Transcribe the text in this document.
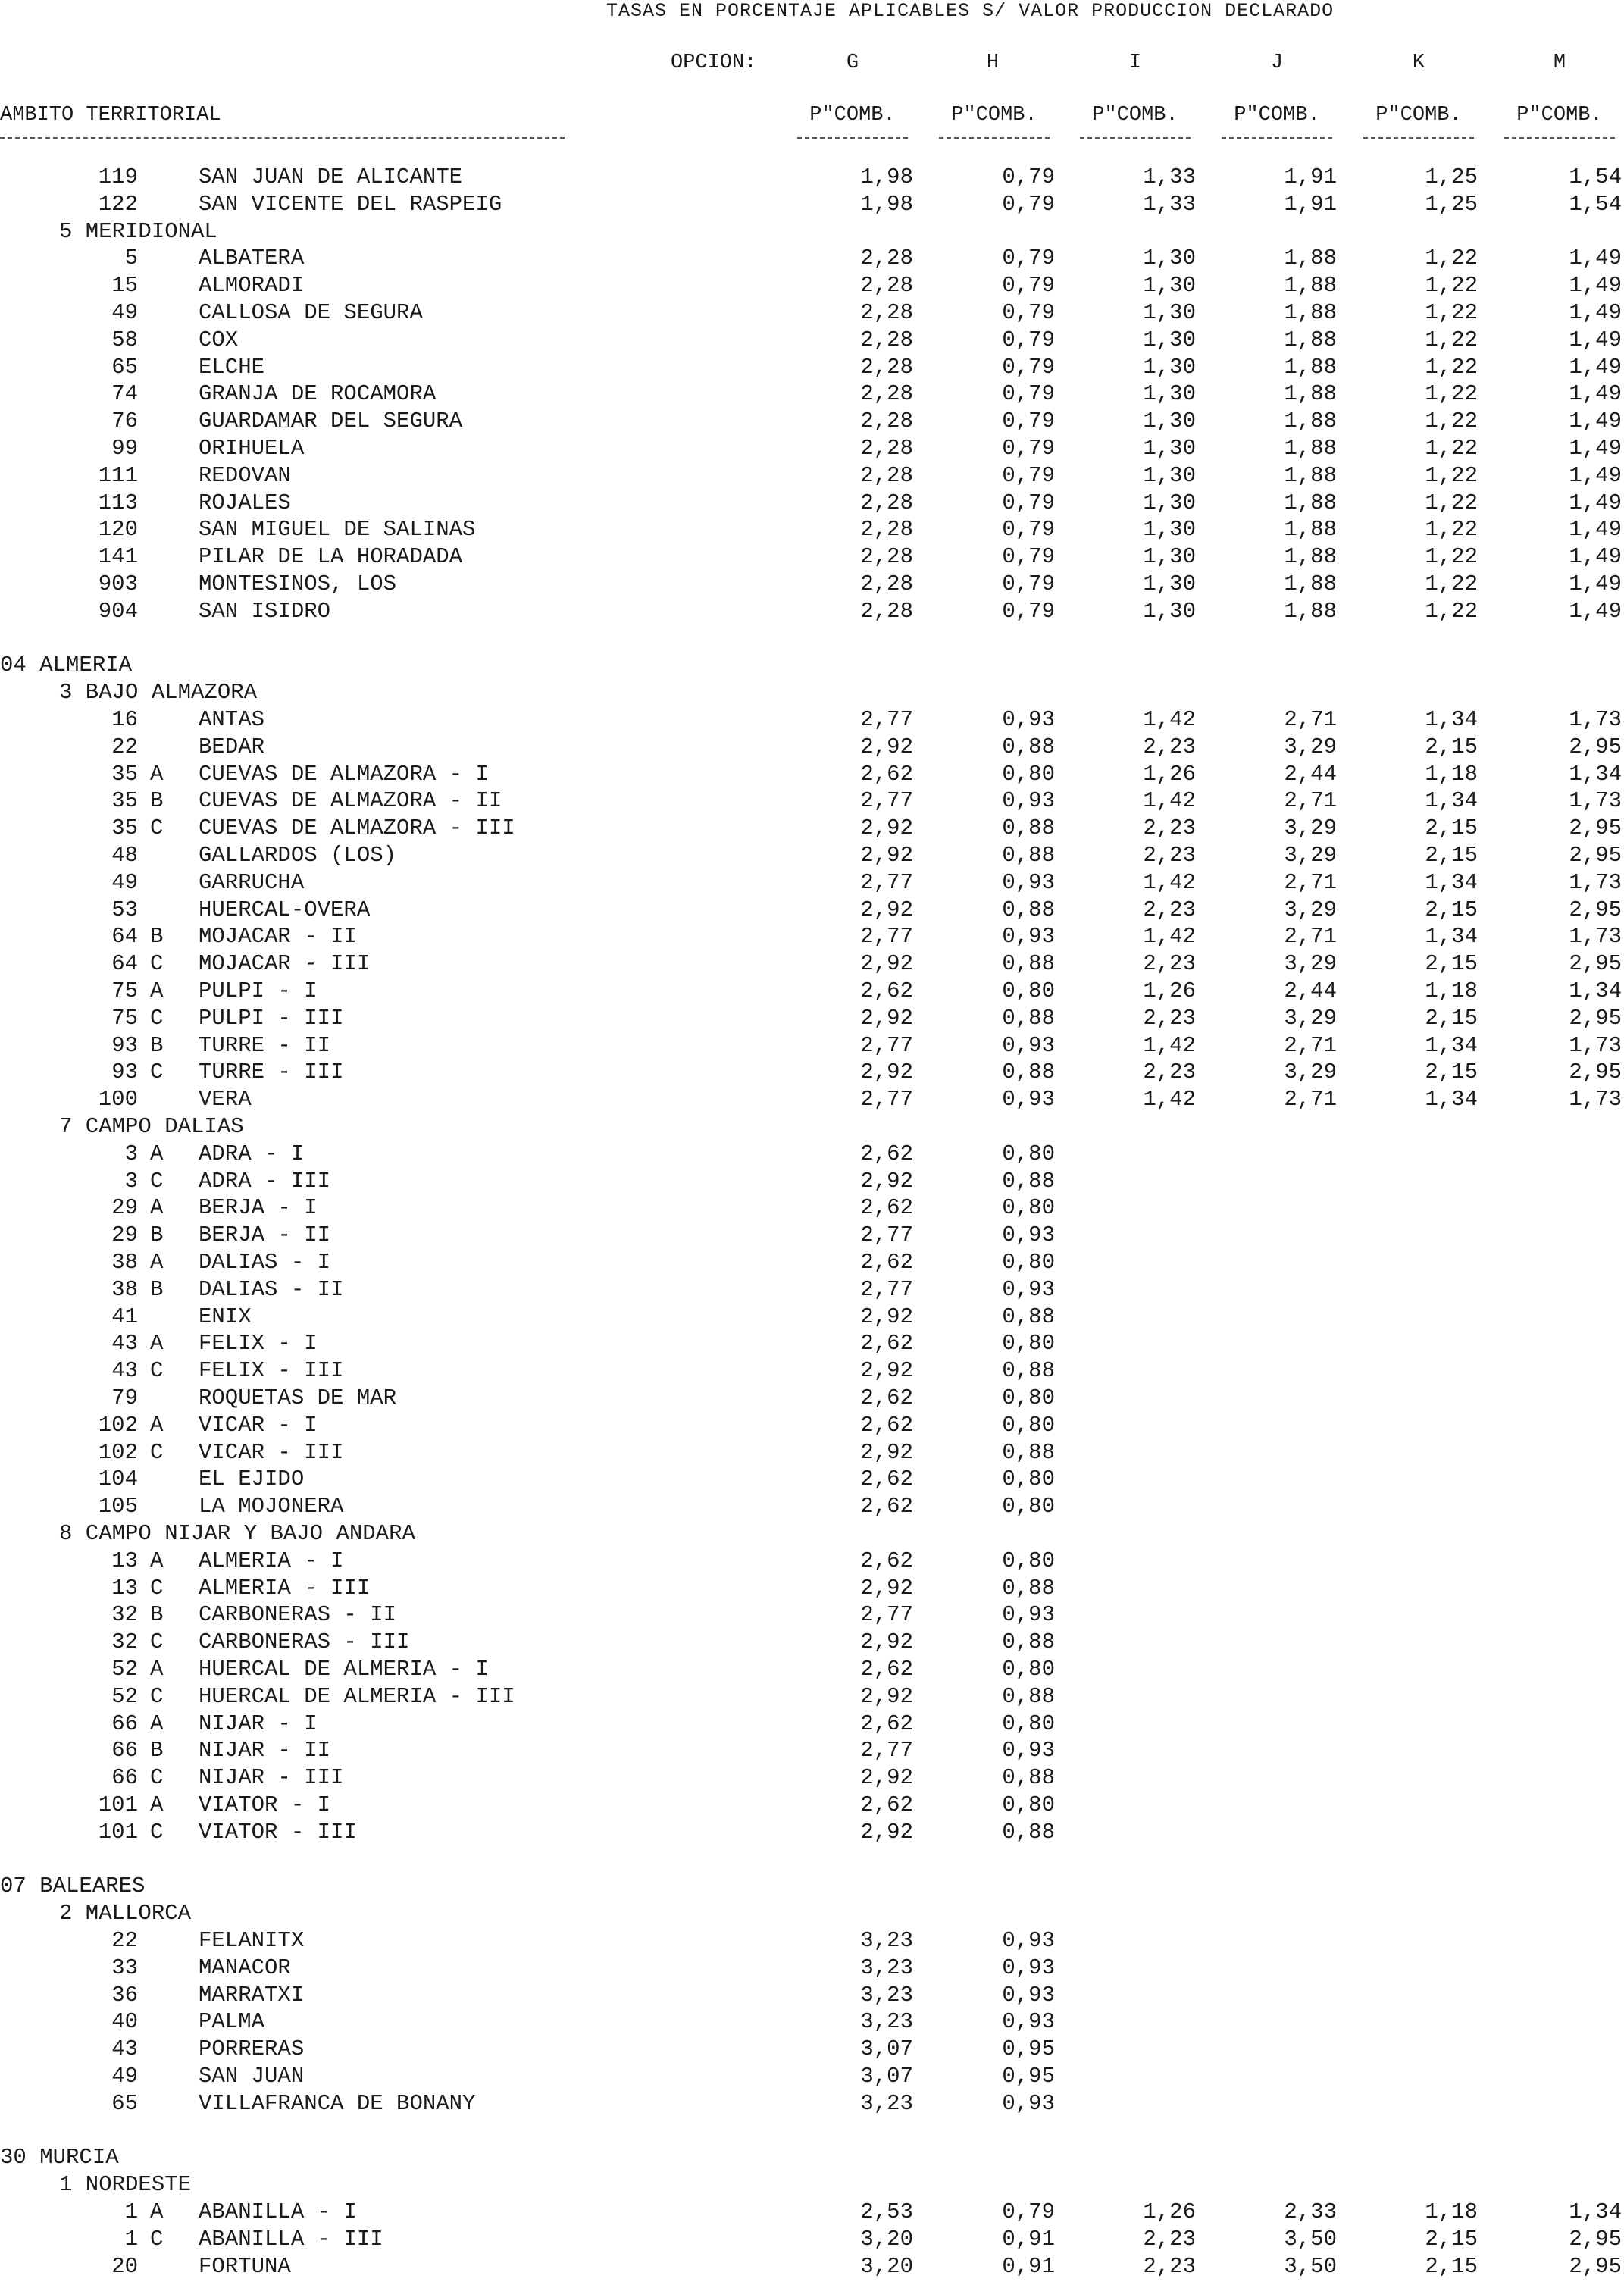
TASAS EN PORCENTAJE APLICABLES S/ VALOR PRODUCCION DECLARADO
OPCION:	G	H	I	J	K	M
AMBITO TERRITORIAL	P"COMB.	P"COMB.	P"COMB.	P"COMB.	P"COMB.	P"COMB.
119	SAN JUAN DE ALICANTE	1,98	0,79	1,33	1,91	1,25	1,54
122	SAN VICENTE DEL RASPEIG	1,98	0,79	1,33	1,91	1,25	1,54
5 MERIDIONAL
5	ALBATERA	2,28	0,79	1,30	1,88	1,22	1,49
15	ALMORADI	2,28	0,79	1,30	1,88	1,22	1,49
49	CALLOSA DE SEGURA	2,28	0,79	1,30	1,88	1,22	1,49
58	COX	2,28	0,79	1,30	1,88	1,22	1,49
65	ELCHE	2,28	0,79	1,30	1,88	1,22	1,49
74	GRANJA DE ROCAMORA	2,28	0,79	1,30	1,88	1,22	1,49
76	GUARDAMAR DEL SEGURA	2,28	0,79	1,30	1,88	1,22	1,49
99	ORIHUELA	2,28	0,79	1,30	1,88	1,22	1,49
111	REDOVAN	2,28	0,79	1,30	1,88	1,22	1,49
113	ROJALES	2,28	0,79	1,30	1,88	1,22	1,49
120	SAN MIGUEL DE SALINAS	2,28	0,79	1,30	1,88	1,22	1,49
141	PILAR DE LA HORADADA	2,28	0,79	1,30	1,88	1,22	1,49
903	MONTESINOS, LOS	2,28	0,79	1,30	1,88	1,22	1,49
904	SAN ISIDRO	2,28	0,79	1,30	1,88	1,22	1,49
04 ALMERIA
3 BAJO ALMAZORA
16	ANTAS	2,77	0,93	1,42	2,71	1,34	1,73
22	BEDAR	2,92	0,88	2,23	3,29	2,15	2,95
35 A	CUEVAS DE ALMAZORA - I	2,62	0,80	1,26	2,44	1,18	1,34
35 B	CUEVAS DE ALMAZORA - II	2,77	0,93	1,42	2,71	1,34	1,73
35 C	CUEVAS DE ALMAZORA - III	2,92	0,88	2,23	3,29	2,15	2,95
48	GALLARDOS (LOS)	2,92	0,88	2,23	3,29	2,15	2,95
49	GARRUCHA	2,77	0,93	1,42	2,71	1,34	1,73
53	HUERCAL-OVERA	2,92	0,88	2,23	3,29	2,15	2,95
64 B	MOJACAR - II	2,77	0,93	1,42	2,71	1,34	1,73
64 C	MOJACAR - III	2,92	0,88	2,23	3,29	2,15	2,95
75 A	PULPI - I	2,62	0,80	1,26	2,44	1,18	1,34
75 C	PULPI - III	2,92	0,88	2,23	3,29	2,15	2,95
93 B	TURRE - II	2,77	0,93	1,42	2,71	1,34	1,73
93 C	TURRE - III	2,92	0,88	2,23	3,29	2,15	2,95
100	VERA	2,77	0,93	1,42	2,71	1,34	1,73
7 CAMPO DALIAS
3 A	ADRA - I	2,62	0,80
3 C	ADRA - III	2,92	0,88
29 A	BERJA - I	2,62	0,80
29 B	BERJA - II	2,77	0,93
38 A	DALIAS - I	2,62	0,80
38 B	DALIAS - II	2,77	0,93
41	ENIX	2,92	0,88
43 A	FELIX - I	2,62	0,80
43 C	FELIX - III	2,92	0,88
79	ROQUETAS DE MAR	2,62	0,80
102 A	VICAR - I	2,62	0,80
102 C	VICAR - III	2,92	0,88
104	EL EJIDO	2,62	0,80
105	LA MOJONERA	2,62	0,80
8 CAMPO NIJAR Y BAJO ANDARA
13 A	ALMERIA - I	2,62	0,80
13 C	ALMERIA - III	2,92	0,88
32 B	CARBONERAS - II	2,77	0,93
32 C	CARBONERAS - III	2,92	0,88
52 A	HUERCAL DE ALMERIA - I	2,62	0,80
52 C	HUERCAL DE ALMERIA - III	2,92	0,88
66 A	NIJAR - I	2,62	0,80
66 B	NIJAR - II	2,77	0,93
66 C	NIJAR - III	2,92	0,88
101 A	VIATOR - I	2,62	0,80
101 C	VIATOR - III	2,92	0,88
07 BALEARES
2 MALLORCA
22	FELANITX	3,23	0,93
33	MANACOR	3,23	0,93
36	MARRATXI	3,23	0,93
40	PALMA	3,23	0,93
43	PORRERAS	3,07	0,95
49	SAN JUAN	3,07	0,95
65	VILLAFRANCA DE BONANY	3,23	0,93
30 MURCIA
1 NORDESTE
1 A	ABANILLA - I	2,53	0,79	1,26	2,33	1,18	1,34
1 C	ABANILLA - III	3,20	0,91	2,23	3,50	2,15	2,95
20	FORTUNA	3,20	0,91	2,23	3,50	2,15	2,95
